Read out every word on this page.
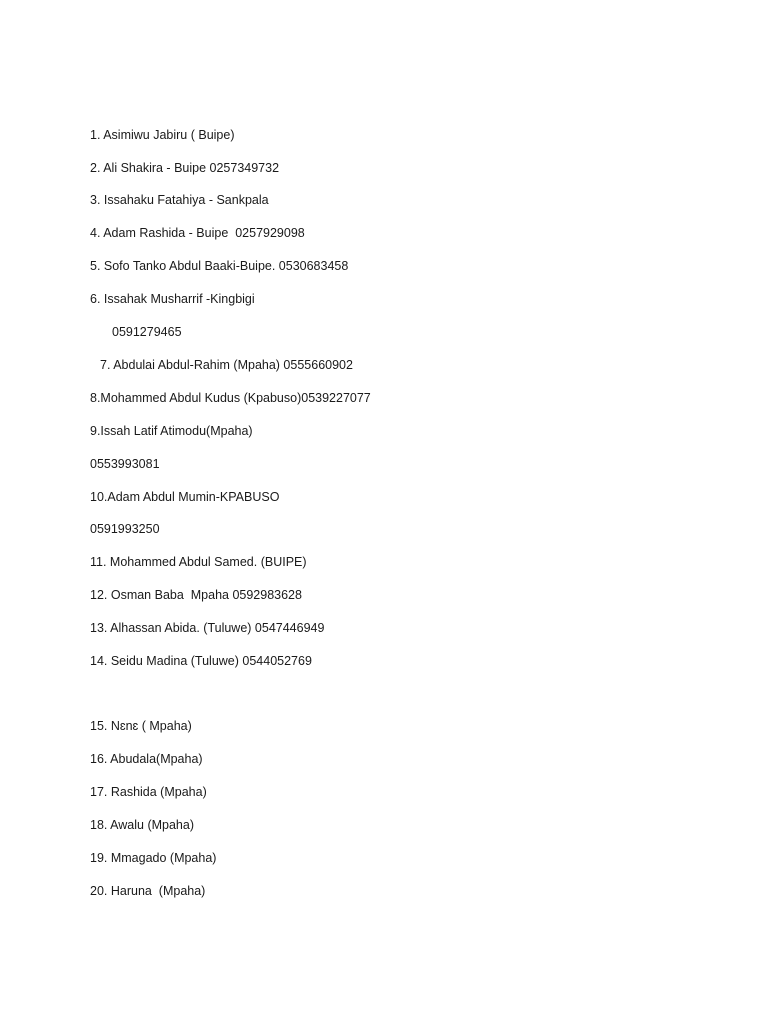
1. Asimiwu Jabiru ( Buipe)
2. Ali Shakira - Buipe 0257349732
3. Issahaku Fatahiya - Sankpala
4. Adam Rashida - Buipe  0257929098
5. Sofo Tanko Abdul Baaki-Buipe. 0530683458
6. Issahak Musharrif -Kingbigi
0591279465
7. Abdulai Abdul-Rahim (Mpaha) 0555660902
8.Mohammed Abdul Kudus (Kpabuso)0539227077
9.Issah Latif Atimodu(Mpaha)
0553993081
10.Adam Abdul Mumin-KPABUSO
0591993250
11. Mohammed Abdul Samed. (BUIPE)
12. Osman Baba  Mpaha 0592983628
13. Alhassan Abida. (Tuluwe) 0547446949
14. Seidu Madina (Tuluwe) 0544052769
15. Nɛnɛ ( Mpaha)
16. Abudala(Mpaha)
17. Rashida (Mpaha)
18. Awalu (Mpaha)
19. Mmagado (Mpaha)
20. Haruna  (Mpaha)
